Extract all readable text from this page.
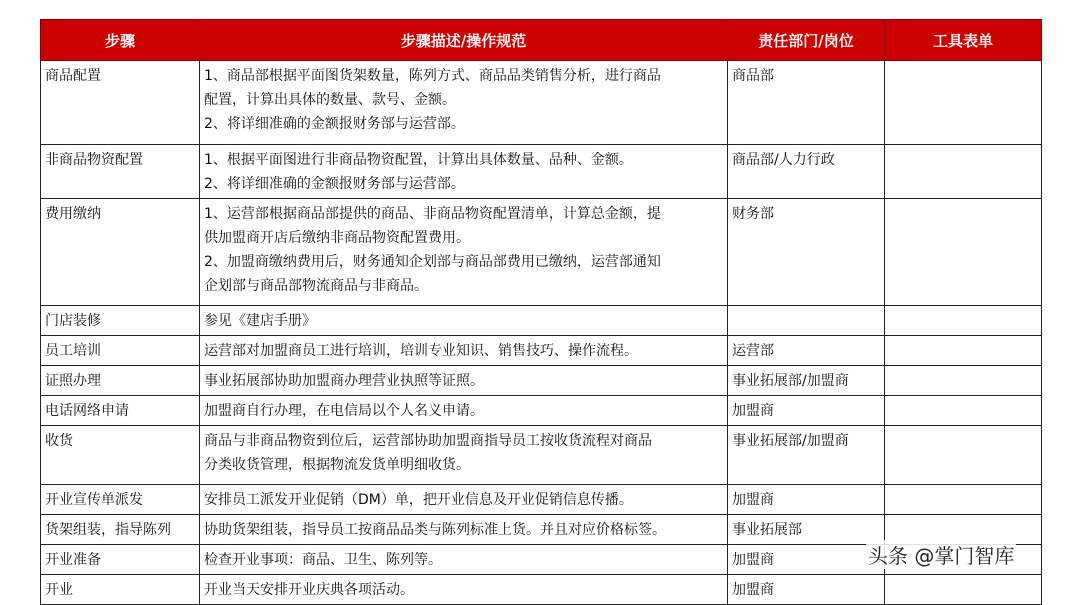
步骤	步骤描述/操作规范	责任部门/岗位	工具表单
商品配置	1、商品部根据平面图货架数量，陈列方式、商品品类销售分析，进行商品
配置，计算出具体的数量、款号、金额。
2、将详细准确的金额报财务部与运营部。	商品部	
非商品物资配置	1、根据平面图进行非商品物资配置，计算出具体数量、品种、金额。
2、将详细准确的金额报财务部与运营部。	商品部/人力行政	
费用缴纳	1、运营部根据商品部提供的商品、非商品物资配置清单，计算总金额，提
供加盟商开店后缴纳非商品物资配置费用。
2、加盟商缴纳费用后，财务通知企划部与商品部费用已缴纳，运营部通知
企划部与商品部物流商品与非商品。	财务部	
门店装修	参见《建店手册》		

员工培训	运营部对加盟商员工进行培训，培训专业知识、销售技巧、操作流程。	运营部	
证照办理	事业拓展部协助加盟商办理营业执照等证照。	事业拓展部/加盟商	
电话网络申请	加盟商自行办理，在电信局以个人名义申请。	加盟商	
收货	商品与非商品物资到位后，运营部协助加盟商指导员工按收货流程对商品
分类收货管理，根据物流发货单明细收货。	事业拓展部/加盟商	
开业宣传单派发	安排员工派发开业促销（DM）单，把开业信息及开业促销信息传播。	加盟商	
货架组装，指导陈列	协助货架组装，指导员工按商品品类与陈列标准上货。并且对应价格标签。	事业拓展部	
开业准备	检查开业事项：商品、卫生、陈列等。	加盟商	
开业	开业当天安排开业庆典各项活动。	加盟商	
头条 @掌门智库
